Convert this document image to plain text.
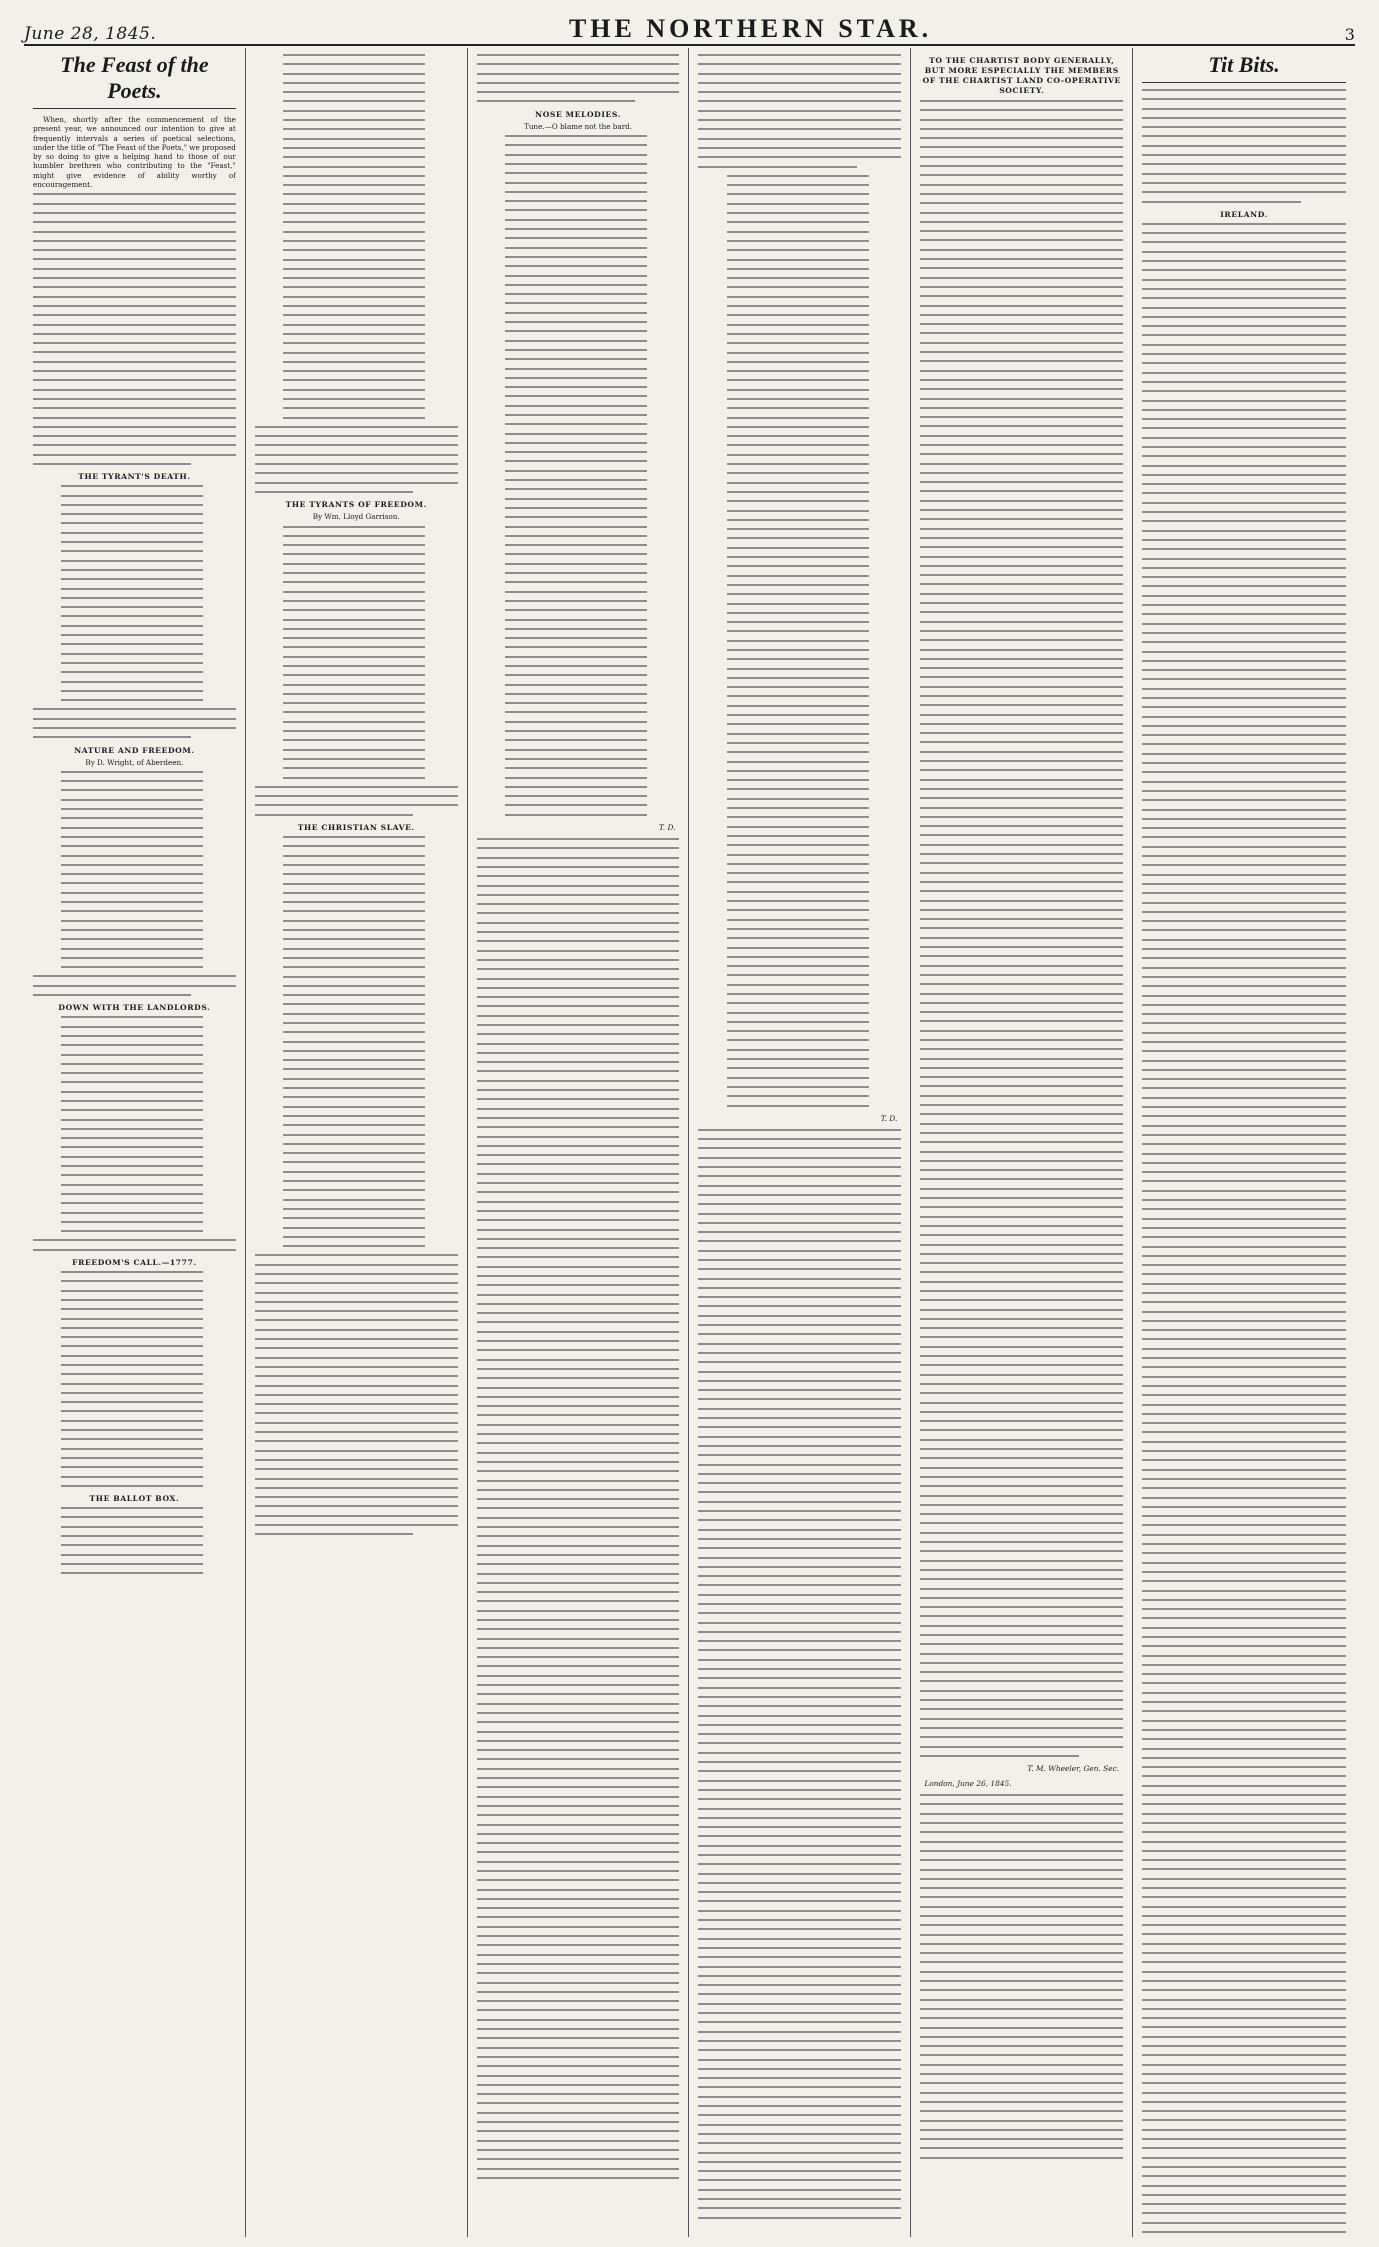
June 28, 1845.	THE NORTHERN STAR.	3
The Feast of the Poets.

When, shortly after the commencement of the present year, we announced our intention to give at frequently intervals a series of poetical selections, under the title of "The Feast of the Poets," we proposed by so doing to give a helping hand to those of our humbler brethren who contributing to the "Feast," might give evidence of ability worthy of encouragement.

THE TYRANT'S DEATH.
NATURE AND FREEDOM.

By D. Wright, of Aberdeen.

DOWN WITH THE LANDLORDS.
FREEDOM'S CALL.—1777.
THE BALLOT BOX.
THE TYRANTS OF FREEDOM.

By Wm. Lloyd Garrison.

THE CHRISTIAN SLAVE.
NOSE MELODIES.

Tune.—O blame not the bard.

T. D.
T. D.
TO THE CHARTIST BODY GENERALLY, BUT MORE ESPECIALLY THE MEMBERS OF THE CHARTIST LAND CO-OPERATIVE SOCIETY.
T. M. Wheeler, Gen. Sec.
London, June 26, 1845.
Tit Bits.
IRELAND.
